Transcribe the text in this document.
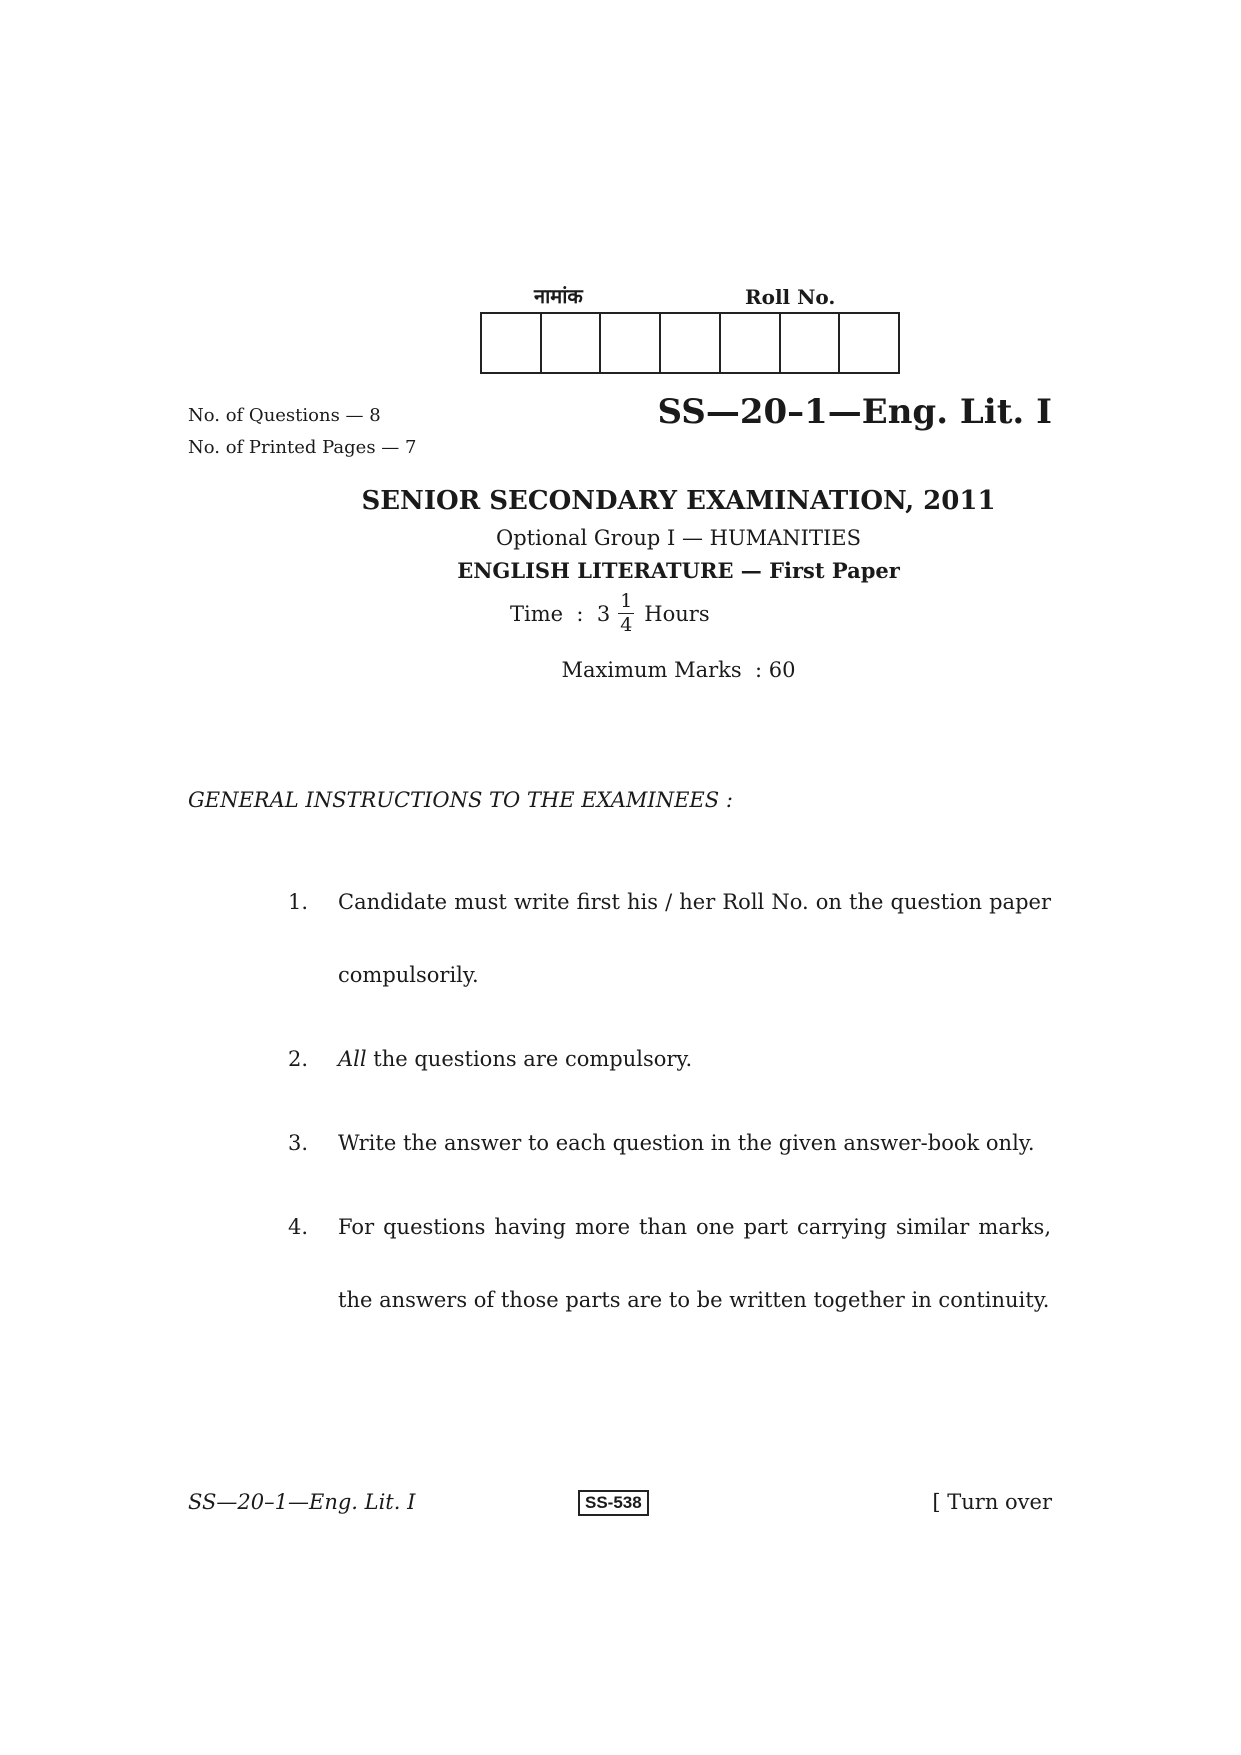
नामांक	Roll No.
No. of Questions — 8
No. of Printed Pages — 7
SS—20–1—Eng. Lit. I
SENIOR SECONDARY EXAMINATION, 2011
Optional Group I — HUMANITIES
ENGLISH LITERATURE — First Paper
Time  :  $3 \frac{1}{4}$ Hours
Maximum Marks  : 60
GENERAL INSTRUCTIONS TO THE EXAMINEES :
1.	Candidate must write first his / her Roll No. on the question paper compulsorily.
2.	All the questions are compulsory.
3.	Write the answer to each question in the given answer-book only.
4.	For questions having more than one part carrying similar marks, the answers of those parts are to be written together in continuity.
SS—20–1—Eng. Lit. I	SS-538	[ Turn over
